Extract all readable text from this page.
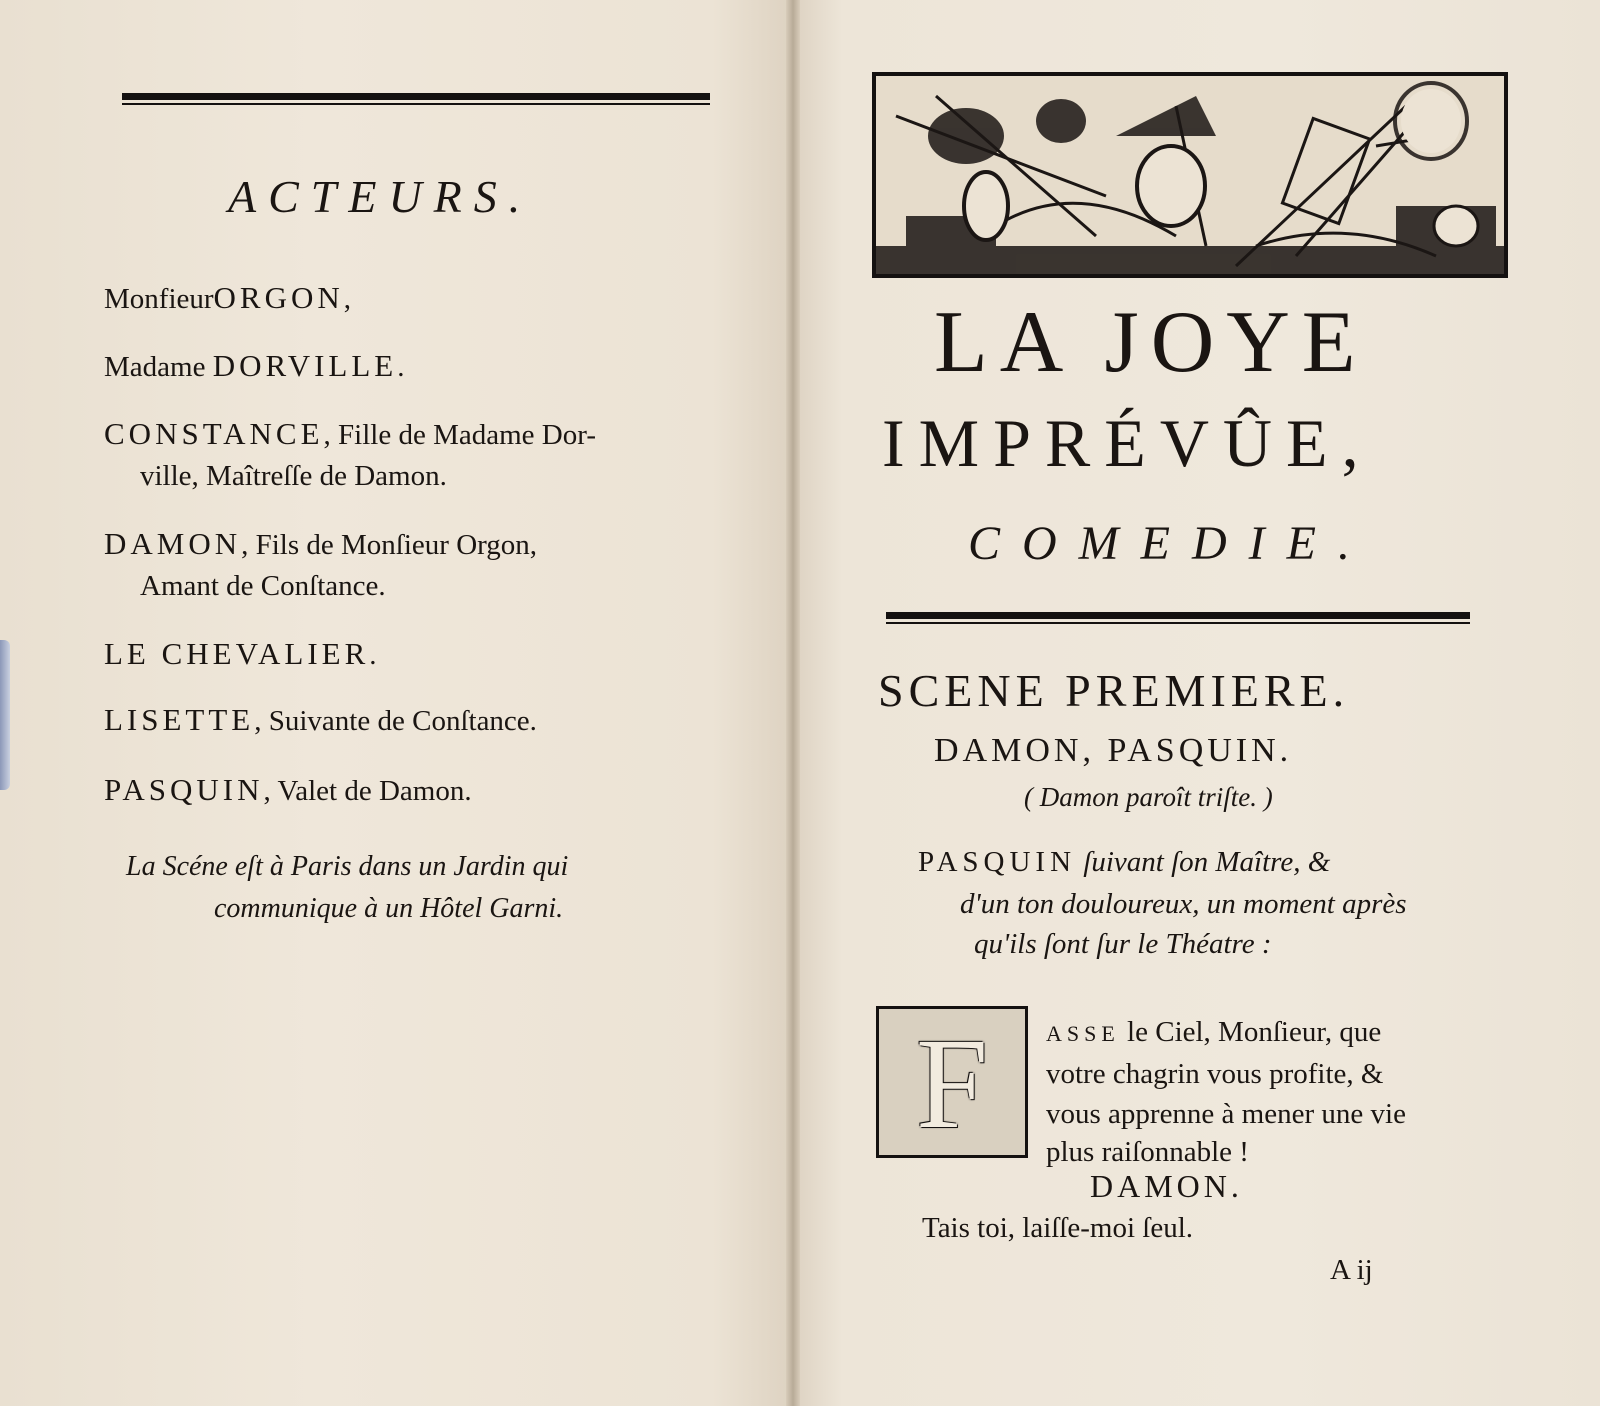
ACTEURS.
MonfieurORGON,
Madame DORVILLE.
CONSTANCE, Fille de Madame Dor-
ville, Maîtreſſe de Damon.
DAMON, Fils de Monſieur Orgon,
Amant de Conſtance.
LE CHEVALIER.
LISETTE, Suivante de Conſtance.
PASQUIN, Valet de Damon.
La Scéne eſt à Paris dans un Jardin qui
communique à un Hôtel Garni.
LA JOYE
IMPRÉVÛE,
COMEDIE.
SCENE PREMIERE.
DAMON, PASQUIN.
( Damon paroît triſte. )
PASQUIN ſuivant ſon Maître, &
d'un ton douloureux, un moment après
qu'ils ſont ſur le Théatre :
F	ASSE le Ciel, Monſieur, que
votre chagrin vous profite, &
vous apprenne à mener une vie
plus raiſonnable !
DAMON.
Tais toi, laiſſe-moi ſeul.
A ij
